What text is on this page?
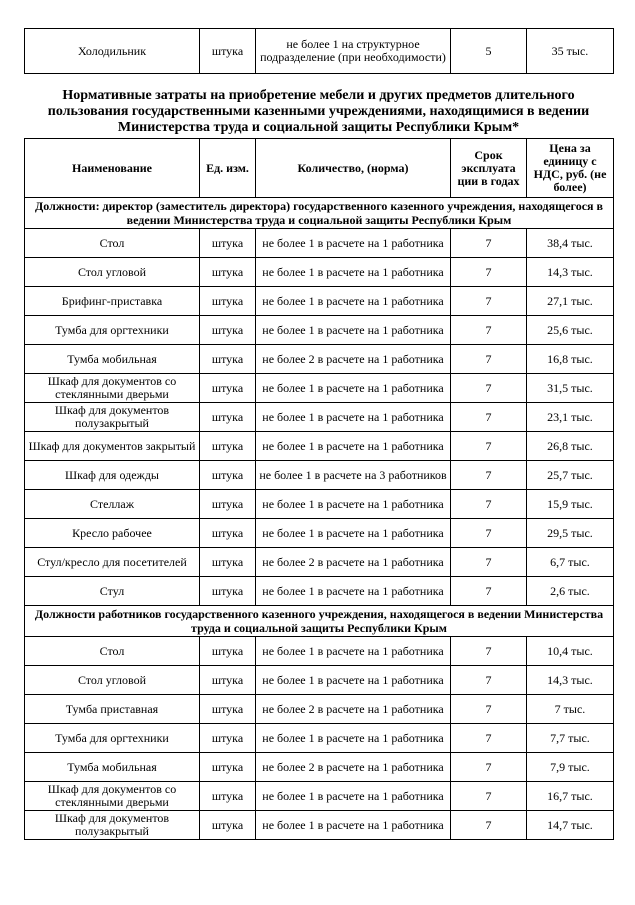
Холодильник	штука	не более 1 на структурное подразделение (при необходимости)	5	35 тыс.
Нормативные затраты на приобретение мебели и других предметов длительного пользования государственными казенными учреждениями, находящимися в ведении Министерства труда и социальной защиты Республики Крым*
Наименование	Ед. изм.	Количество, (норма)	Срок эксплуата ции в годах	Цена за единицу с НДС, руб. (не более)
Должности: директор (заместитель директора) государственного казенного учреждения, находящегося в ведении Министерства труда и социальной защиты Республики Крым				
Стол	штука	не более 1 в расчете на 1 работника	7	38,4 тыс.
Стол угловой	штука	не более 1 в расчете на 1 работника	7	14,3 тыс.
Брифинг-приставка	штука	не более 1 в расчете на 1 работника	7	27,1 тыс.
Тумба для оргтехники	штука	не более 1 в расчете на 1 работника	7	25,6 тыс.
Тумба мобильная	штука	не более 2 в расчете на 1 работника	7	16,8 тыс.
Шкаф для документов со стеклянными дверьми	штука	не более 1 в расчете на 1 работника	7	31,5 тыс.
Шкаф для документов полузакрытый	штука	не более 1 в расчете на 1 работника	7	23,1 тыс.
Шкаф для документов закрытый	штука	не более 1 в расчете на 1 работника	7	26,8 тыс.
Шкаф для одежды	штука	не более 1 в расчете на 3 работников	7	25,7 тыс.
Стеллаж	штука	не более 1 в расчете на 1 работника	7	15,9 тыс.
Кресло рабочее	штука	не более 1 в расчете на 1 работника	7	29,5 тыс.
Стул/кресло для посетителей	штука	не более 2 в расчете на 1 работника	7	6,7 тыс.
Стул	штука	не более 1 в расчете на 1 работника	7	2,6 тыс.
Должности работников государственного казенного учреждения, находящегося в ведении Министерства труда и социальной защиты Республики Крым				
Стол	штука	не более 1 в расчете на 1 работника	7	10,4 тыс.
Стол угловой	штука	не более 1 в расчете на 1 работника	7	14,3 тыс.
Тумба приставная	штука	не более 2 в расчете на 1 работника	7	7 тыс.
Тумба для оргтехники	штука	не более 1 в расчете на 1 работника	7	7,7 тыс.
Тумба мобильная	штука	не более 2 в расчете на 1 работника	7	7,9 тыс.
Шкаф для документов со стеклянными дверьми	штука	не более 1 в расчете на 1 работника	7	16,7 тыс.
Шкаф для документов полузакрытый	штука	не более 1 в расчете на 1 работника	7	14,7 тыс.
